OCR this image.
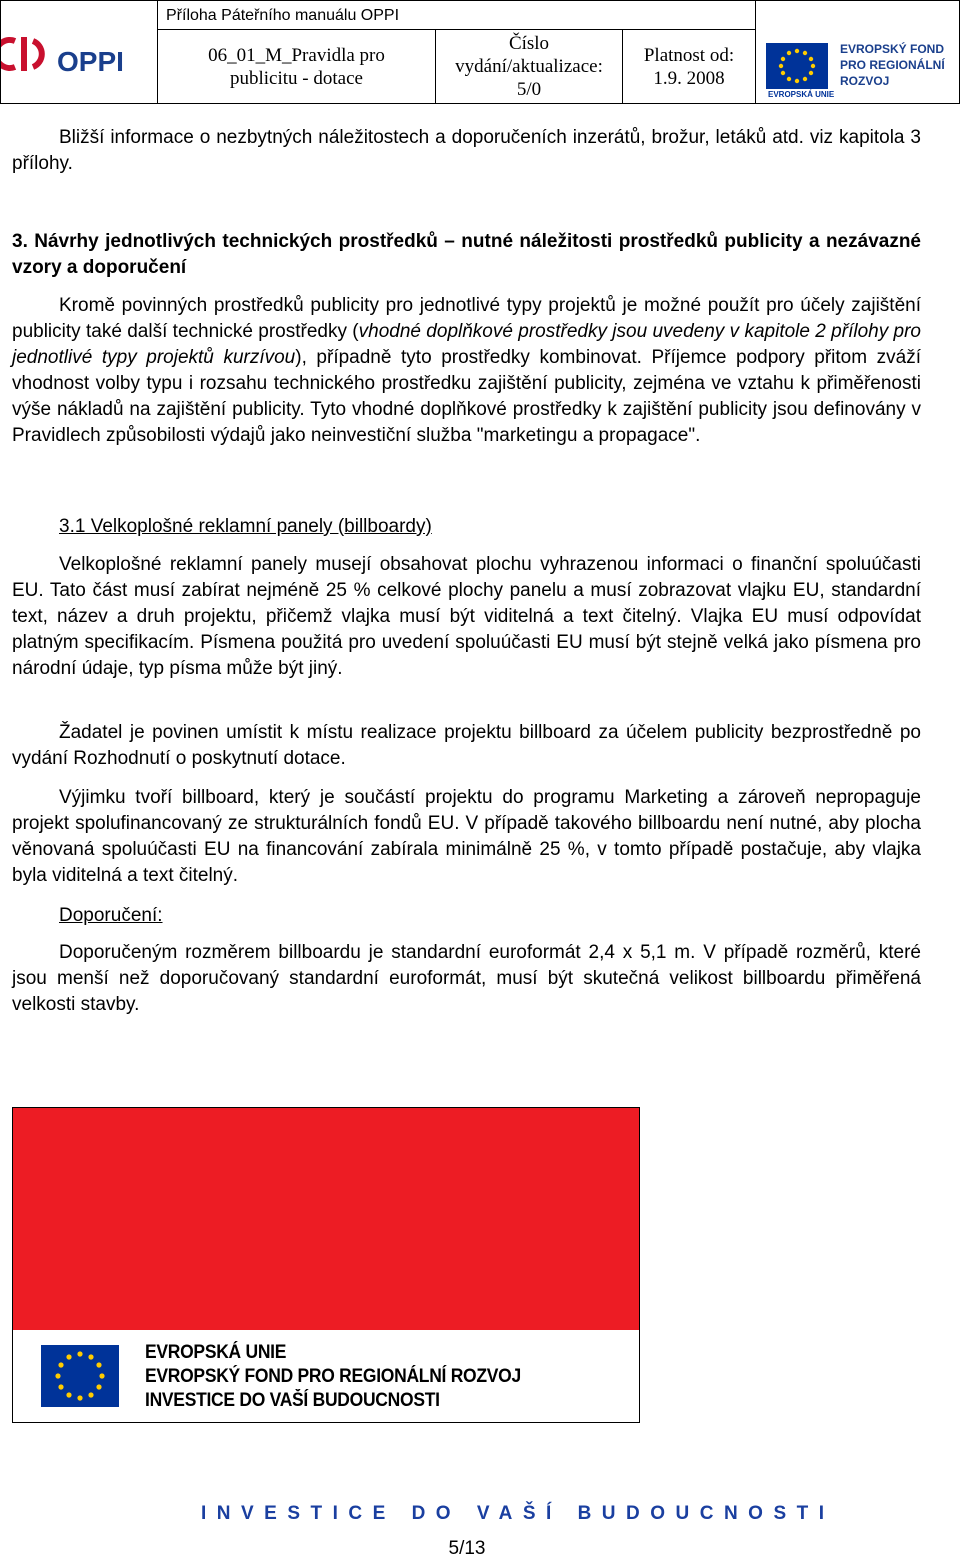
OPPI
Příloha Páteřního manuálu OPPI
06_01_M_Pravidla pro
publicitu - dotace
Číslo
vydání/aktualizace:
5/0
Platnost od:
1.9. 2008
EVROPSKÁ UNIE
EVROPSKÝ FOND
PRO REGIONÁLNÍ
ROZVOJ
Bližší informace o nezbytných náležitostech a doporučeních inzerátů, brožur, letáků atd. viz kapitola 3 přílohy.
3. Návrhy jednotlivých technických prostředků – nutné náležitosti prostředků publicity a nezávazné vzory a doporučení
Kromě povinných prostředků publicity pro jednotlivé typy projektů je možné použít pro účely zajištění publicity také další technické prostředky (vhodné doplňkové prostředky jsou uvedeny v kapitole 2 přílohy pro jednotlivé typy projektů kurzívou), případně tyto prostředky kombinovat. Příjemce podpory přitom zváží vhodnost volby typu i rozsahu technického prostředku zajištění publicity, zejména ve vztahu k přiměřenosti výše nákladů na zajištění publicity. Tyto vhodné doplňkové prostředky k zajištění publicity jsou definovány v Pravidlech způsobilosti výdajů jako neinvestiční služba "marketingu a propagace".
3.1 Velkoplošné reklamní panely (billboardy)
Velkoplošné reklamní panely musejí obsahovat plochu vyhrazenou informaci o finanční spoluúčasti EU. Tato část musí zabírat nejméně 25 % celkové plochy panelu a musí zobrazovat vlajku EU, standardní text, název a druh projektu, přičemž vlajka musí být viditelná a text čitelný. Vlajka EU musí odpovídat platným specifikacím. Písmena použitá pro uvedení spoluúčasti EU musí být stejně velká jako písmena pro národní údaje, typ písma může být jiný.
Žadatel je povinen umístit k místu realizace projektu billboard za účelem publicity bezprostředně po vydání Rozhodnutí o poskytnutí dotace.
Výjimku tvoří billboard, který je součástí projektu do programu Marketing a zároveň nepropaguje projekt spolufinancovaný ze strukturálních fondů EU. V případě takového billboardu není nutné, aby plocha věnovaná spoluúčasti EU na financování zabírala minimálně 25 %, v tomto případě postačuje, aby vlajka byla viditelná a text čitelný.
Doporučení:
Doporučeným rozměrem billboardu je standardní euroformát 2,4 x 5,1 m. V případě rozměrů, které jsou menší než doporučovaný standardní euroformát, musí být skutečná velikost billboardu přiměřená velkosti stavby.
EVROPSKÁ UNIE
EVROPSKÝ FOND PRO REGIONÁLNÍ ROZVOJ
INVESTICE DO VAŠÍ BUDOUCNOSTI
INVESTICE DO VAŠÍ BUDOUCNOSTI
5/13
